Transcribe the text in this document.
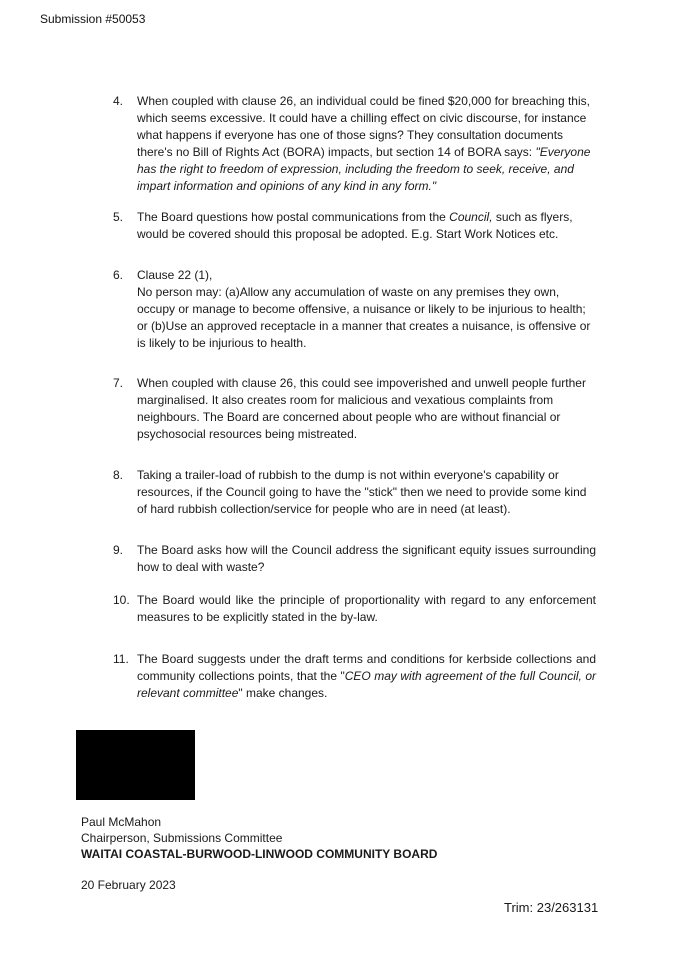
Submission #50053
4. When coupled with clause 26, an individual could be fined $20,000 for breaching this, which seems excessive. It could have a chilling effect on civic discourse, for instance what happens if everyone has one of those signs? They consultation documents there's no Bill of Rights Act (BORA) impacts, but section 14 of BORA says: "Everyone has the right to freedom of expression, including the freedom to seek, receive, and impart information and opinions of any kind in any form."
5. The Board questions how postal communications from the Council, such as flyers, would be covered should this proposal be adopted. E.g. Start Work Notices etc.
6. Clause 22 (1),
No person may: (a)Allow any accumulation of waste on any premises they own, occupy or manage to become offensive, a nuisance or likely to be injurious to health; or (b)Use an approved receptacle in a manner that creates a nuisance, is offensive or is likely to be injurious to health.
7. When coupled with clause 26, this could see impoverished and unwell people further marginalised. It also creates room for malicious and vexatious complaints from neighbours. The Board are concerned about people who are without financial or psychosocial resources being mistreated.
8. Taking a trailer-load of rubbish to the dump is not within everyone's capability or resources, if the Council going to have the "stick" then we need to provide some kind of hard rubbish collection/service for people who are in need (at least).
9. The Board asks how will the Council address the significant equity issues surrounding how to deal with waste?
10. The Board would like the principle of proportionality with regard to any enforcement measures to be explicitly stated in the by-law.
11. The Board suggests under the draft terms and conditions for kerbside collections and community collections points, that the "CEO may with agreement of the full Council, or relevant committee" make changes.
Paul McMahon
Chairperson, Submissions Committee
WAITAI COASTAL-BURWOOD-LINWOOD COMMUNITY BOARD
20 February 2023
Trim: 23/263131
